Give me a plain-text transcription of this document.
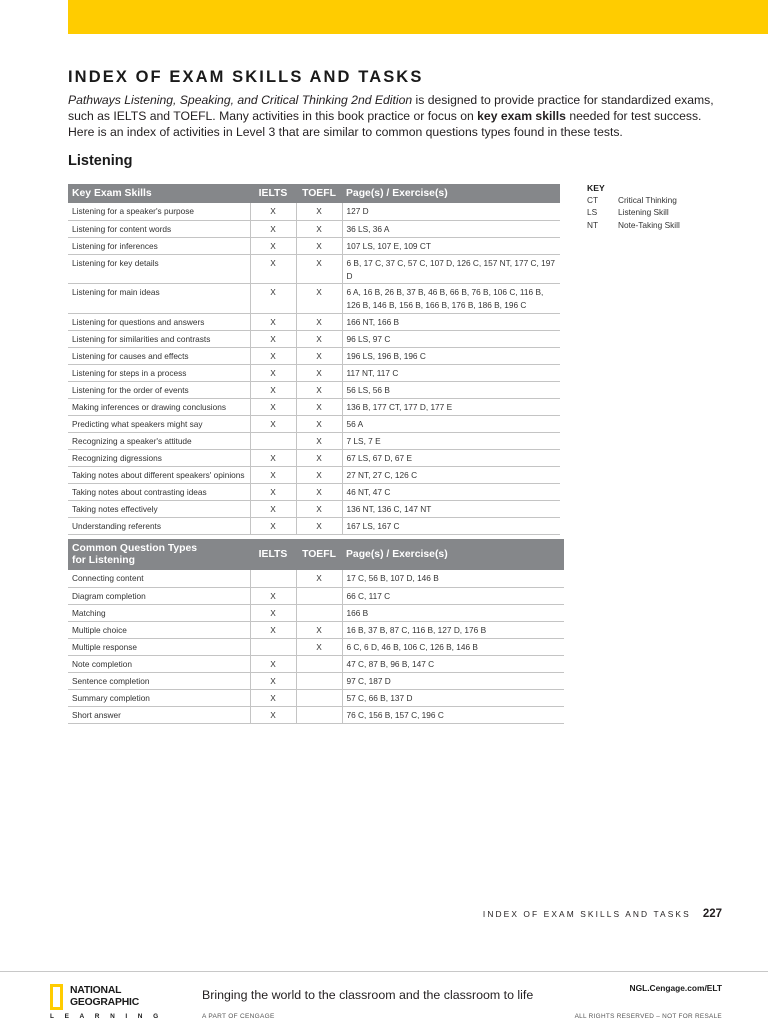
INDEX OF EXAM SKILLS AND TASKS

Pathways Listening, Speaking, and Critical Thinking 2nd Edition is designed to provide practice for standardized exams, such as IELTS and TOEFL. Many activities in this book practice or focus on key exam skills needed for test success. Here is an index of activities in Level 3 that are similar to common questions types found in these tests.

Listening
Key Exam Skills	IELTS	TOEFL	Page(s) / Exercise(s)
Listening for a speaker's purpose	X	X	127 D
Listening for content words	X	X	36 LS, 36 A
Listening for inferences	X	X	107 LS, 107 E, 109 CT
Listening for key details	X	X	6 B, 17 C, 37 C, 57 C, 107 D, 126 C, 157 NT, 177 C, 197 D
Listening for main ideas	X	X	6 A, 16 B, 26 B, 37 B, 46 B, 66 B, 76 B, 106 C, 116 B, 126 B, 146 B, 156 B, 166 B, 176 B, 186 B, 196 C
Listening for questions and answers	X	X	166 NT, 166 B
Listening for similarities and contrasts	X	X	96 LS, 97 C
Listening for causes and effects	X	X	196 LS, 196 B, 196 C
Listening for steps in a process	X	X	117 NT, 117 C
Listening for the order of events	X	X	56 LS, 56 B
Making inferences or drawing conclusions	X	X	136 B, 177 CT, 177 D, 177 E
Predicting what speakers might say	X	X	56 A
Recognizing a speaker's attitude		X	7 LS, 7 E
Recognizing digressions	X	X	67 LS, 67 D, 67 E
Taking notes about different speakers' opinions	X	X	27 NT, 27 C, 126 C
Taking notes about contrasting ideas	X	X	46 NT, 47 C
Taking notes effectively	X	X	136 NT, 136 C, 147 NT
Understanding referents	X	X	167 LS, 167 C
Common Question Types
for Listening	IELTS	TOEFL	Page(s) / Exercise(s)
Connecting content		X	17 C, 56 B, 107 D, 146 B
Diagram completion	X		66 C, 117 C
Matching	X		166 B
Multiple choice	X	X	16 B, 37 B, 87 C, 116 B, 127 D, 176 B
Multiple response		X	6 C, 6 D, 46 B, 106 C, 126 B, 146 B
Note completion	X		47 C, 87 B, 96 B, 147 C
Sentence completion	X		97 C, 187 D
Summary completion	X		57 C, 66 B, 137 D
Short answer	X		76 C, 156 B, 157 C, 196 C
KEY
CT	Critical Thinking
LS	Listening Skill
NT	Note-Taking Skill
INDEX OF EXAM SKILLS AND TASKS 227
NATIONAL
GEOGRAPHIC
LEARNING
Bringing the world to the classroom and the classroom to life
A PART OF CENGAGE
NGL.Cengage.com/ELT
ALL RIGHTS RESERVED – NOT FOR RESALE
